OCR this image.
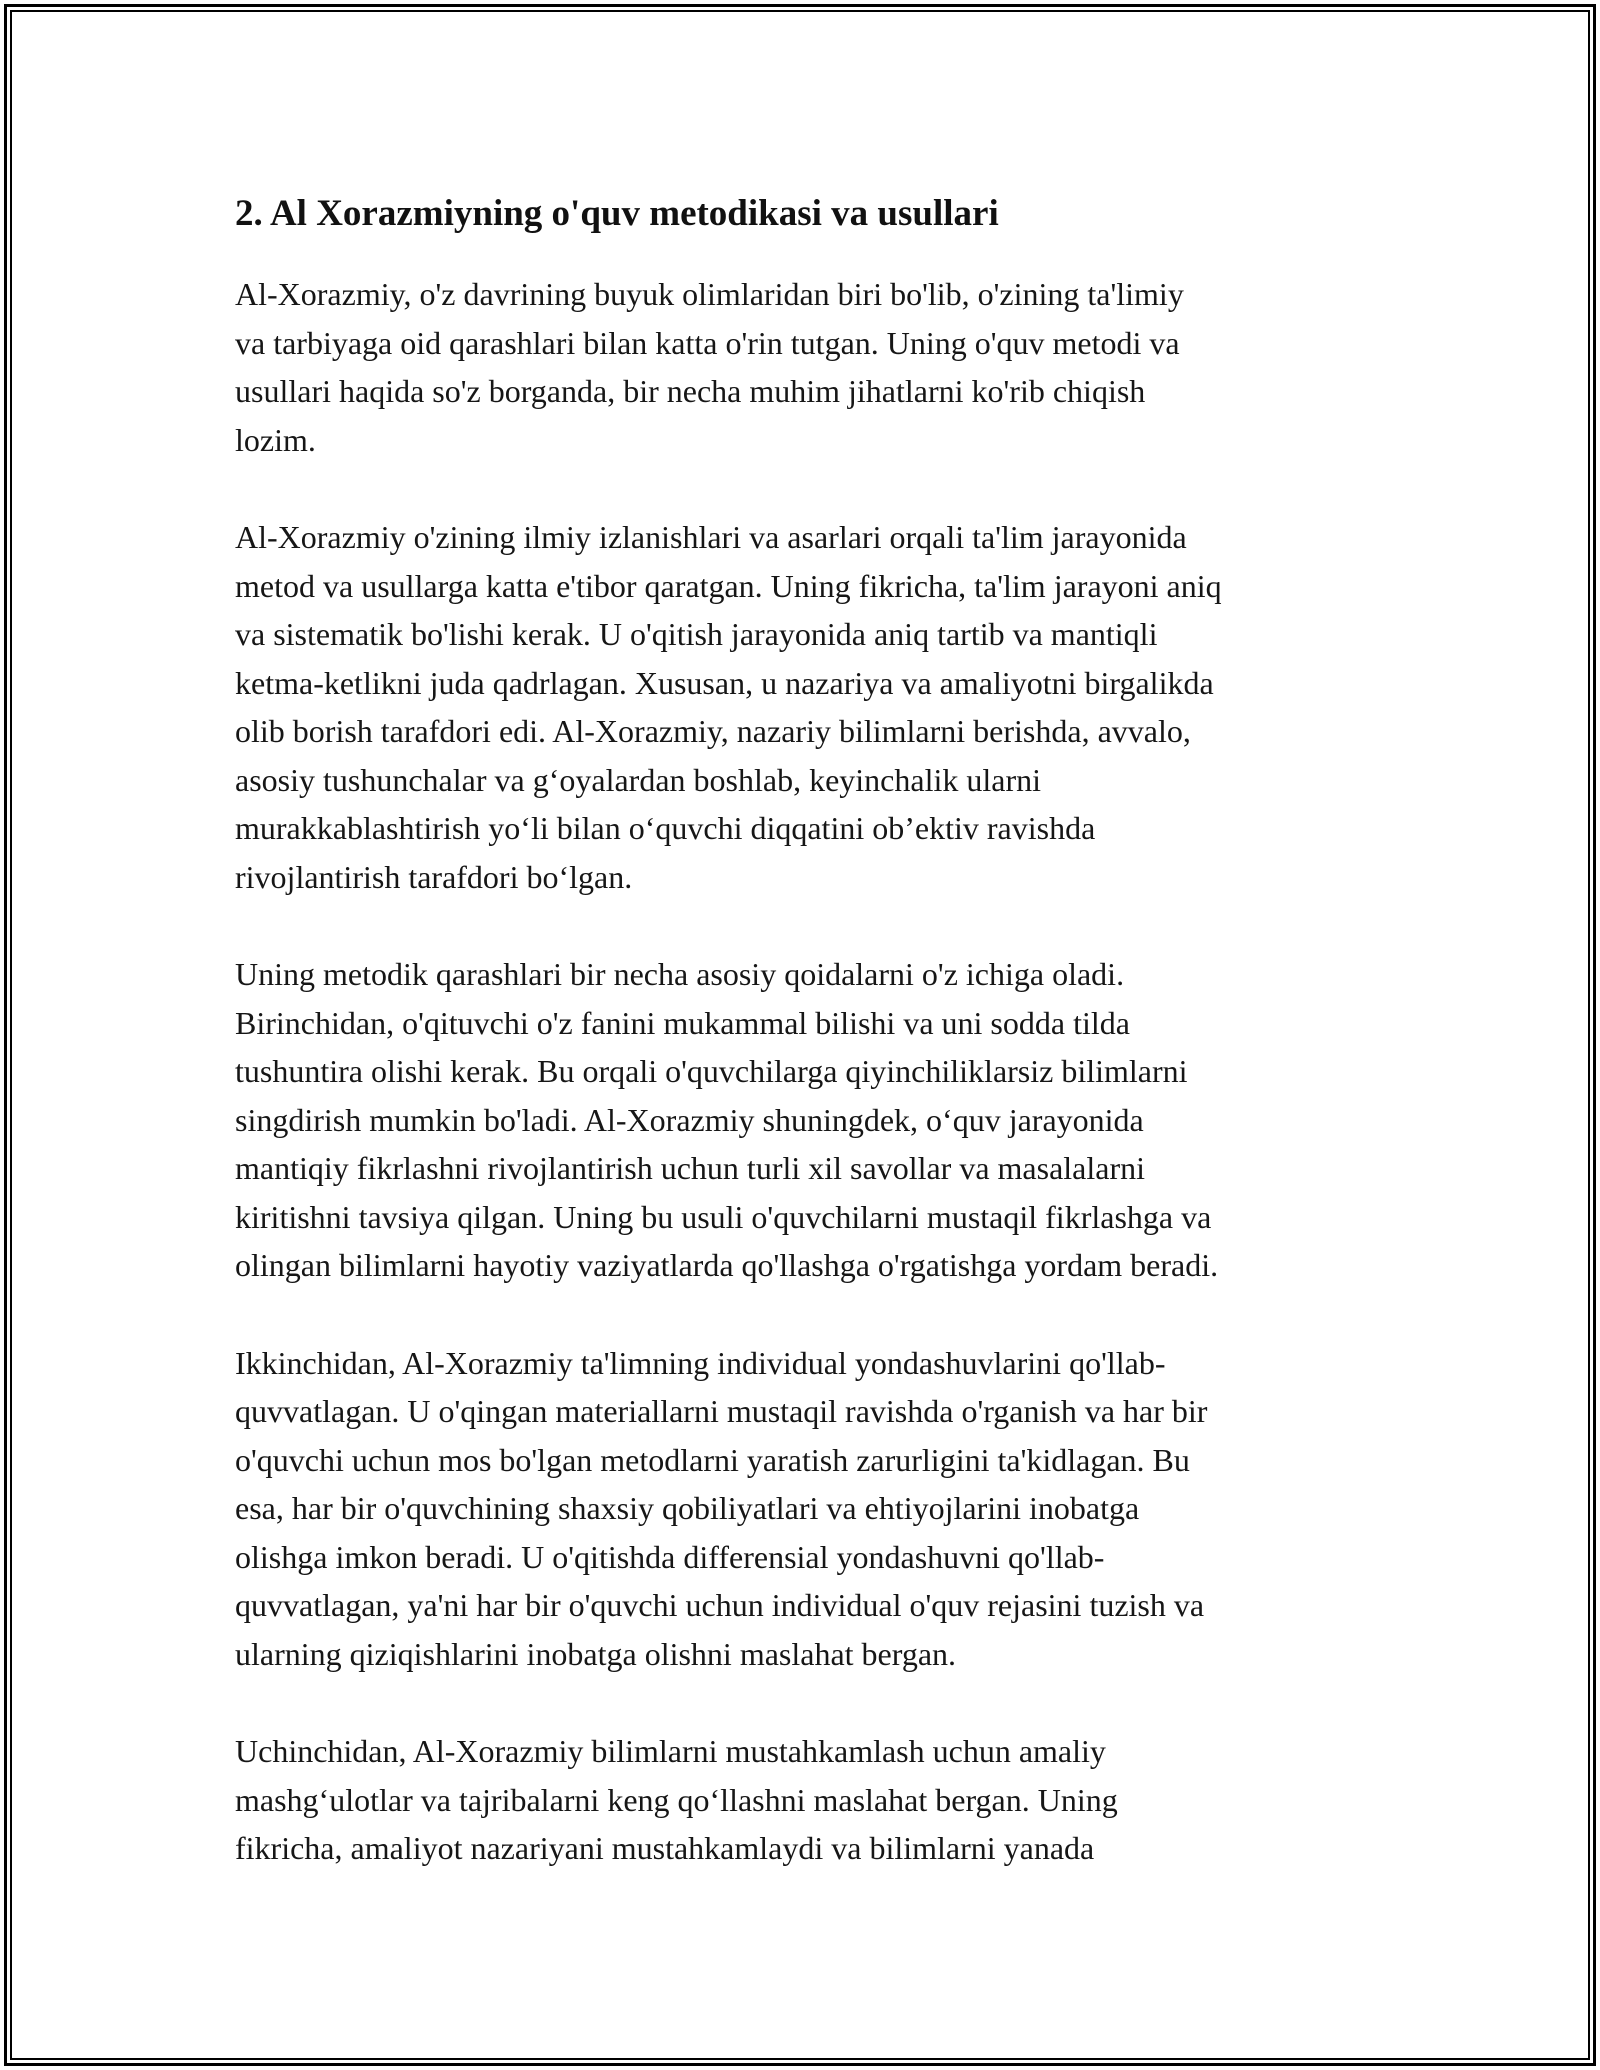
2. Al Xorazmiyning o'quv metodikasi va usullari

Al-Xorazmiy, o'z davrining buyuk olimlaridan biri bo'lib, o'zining ta'limiy
va tarbiyaga oid qarashlari bilan katta o'rin tutgan. Uning o'quv metodi va
usullari haqida so'z borganda, bir necha muhim jihatlarni ko'rib chiqish
lozim.

Al-Xorazmiy o'zining ilmiy izlanishlari va asarlari orqali ta'lim jarayonida
metod va usullarga katta e'tibor qaratgan. Uning fikricha, ta'lim jarayoni aniq
va sistematik bo'lishi kerak. U o'qitish jarayonida aniq tartib va mantiqli
ketma-ketlikni juda qadrlagan. Xususan, u nazariya va amaliyotni birgalikda
olib borish tarafdori edi. Al-Xorazmiy, nazariy bilimlarni berishda, avvalo,
asosiy tushunchalar va g‘oyalardan boshlab, keyinchalik ularni
murakkablashtirish yo‘li bilan o‘quvchi diqqatini ob’ektiv ravishda
rivojlantirish tarafdori bo‘lgan.

Uning metodik qarashlari bir necha asosiy qoidalarni o'z ichiga oladi.
Birinchidan, o'qituvchi o'z fanini mukammal bilishi va uni sodda tilda
tushuntira olishi kerak. Bu orqali o'quvchilarga qiyinchiliklarsiz bilimlarni
singdirish mumkin bo'ladi. Al-Xorazmiy shuningdek, o‘quv jarayonida
mantiqiy fikrlashni rivojlantirish uchun turli xil savollar va masalalarni
kiritishni tavsiya qilgan. Uning bu usuli o'quvchilarni mustaqil fikrlashga va
olingan bilimlarni hayotiy vaziyatlarda qo'llashga o'rgatishga yordam beradi.

Ikkinchidan, Al-Xorazmiy ta'limning individual yondashuvlarini qo'llab-
quvvatlagan. U o'qingan materiallarni mustaqil ravishda o'rganish va har bir
o'quvchi uchun mos bo'lgan metodlarni yaratish zarurligini ta'kidlagan. Bu
esa, har bir o'quvchining shaxsiy qobiliyatlari va ehtiyojlarini inobatga
olishga imkon beradi. U o'qitishda differensial yondashuvni qo'llab-
quvvatlagan, ya'ni har bir o'quvchi uchun individual o'quv rejasini tuzish va
ularning qiziqishlarini inobatga olishni maslahat bergan.

Uchinchidan, Al-Xorazmiy bilimlarni mustahkamlash uchun amaliy
mashg‘ulotlar va tajribalarni keng qo‘llashni maslahat bergan. Uning
fikricha, amaliyot nazariyani mustahkamlaydi va bilimlarni yanada
